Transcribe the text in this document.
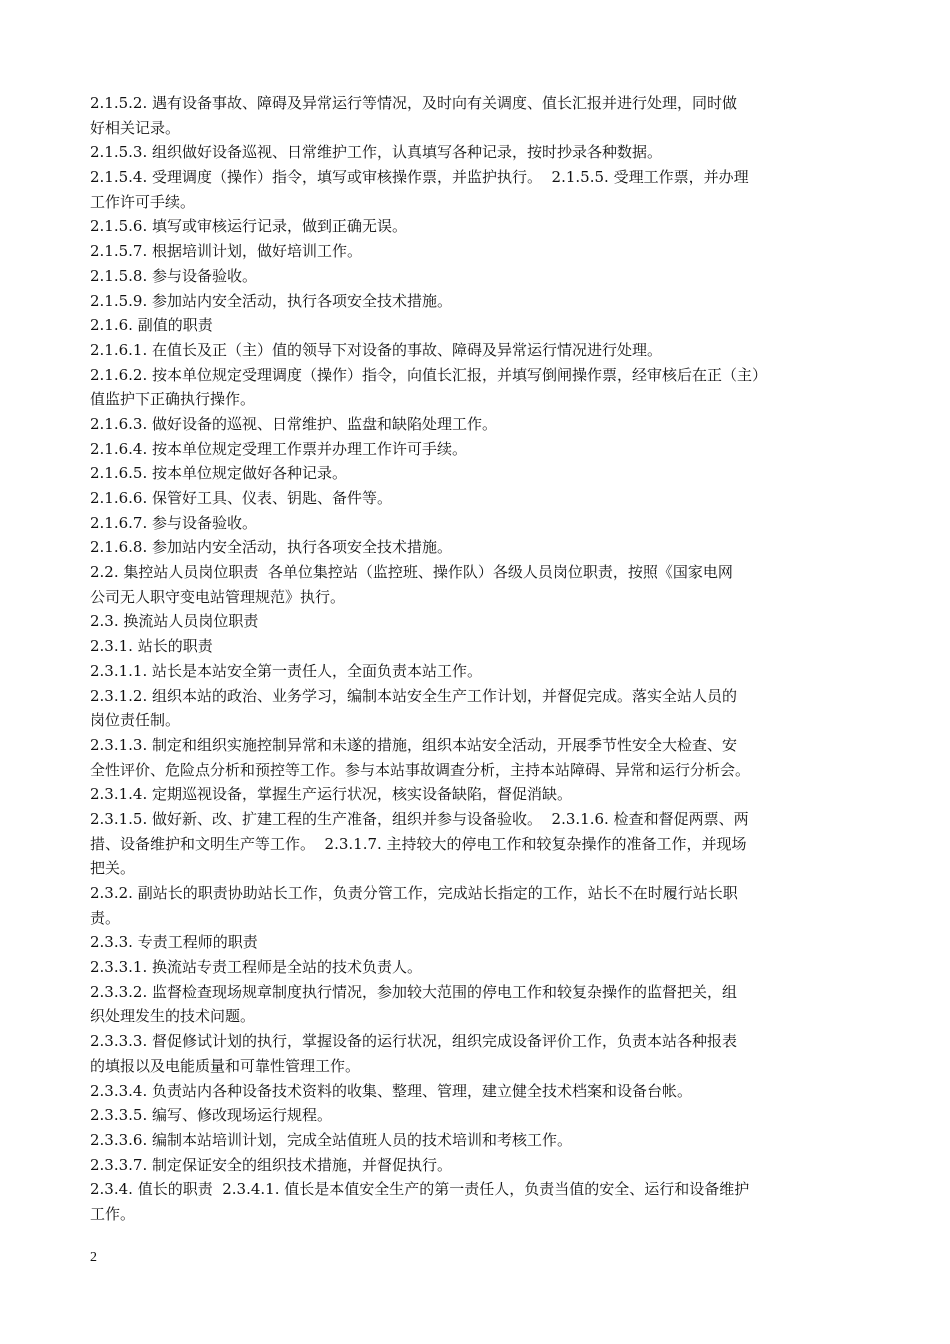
2.1.5.2. 遇有设备事故、障碍及异常运行等情况，及时向有关调度、值长汇报并进行处理，同时做
好相关记录。
2.1.5.3. 组织做好设备巡视、日常维护工作，认真填写各种记录，按时抄录各种数据。
2.1.5.4. 受理调度（操作）指令，填写或审核操作票，并监护执行。  2.1.5.5. 受理工作票，并办理
工作许可手续。
2.1.5.6. 填写或审核运行记录，做到正确无误。
2.1.5.7. 根据培训计划，做好培训工作。
2.1.5.8. 参与设备验收。
2.1.5.9. 参加站内安全活动，执行各项安全技术措施。
2.1.6. 副值的职责
2.1.6.1. 在值长及正（主）值的领导下对设备的事故、障碍及异常运行情况进行处理。
2.1.6.2. 按本单位规定受理调度（操作）指令，向值长汇报，并填写倒闸操作票，经审核后在正（主）
值监护下正确执行操作。
2.1.6.3. 做好设备的巡视、日常维护、监盘和缺陷处理工作。
2.1.6.4. 按本单位规定受理工作票并办理工作许可手续。
2.1.6.5. 按本单位规定做好各种记录。
2.1.6.6. 保管好工具、仪表、钥匙、备件等。
2.1.6.7. 参与设备验收。
2.1.6.8. 参加站内安全活动，执行各项安全技术措施。
2.2. 集控站人员岗位职责  各单位集控站（监控班、操作队）各级人员岗位职责，按照《国家电网
公司无人职守变电站管理规范》执行。
2.3. 换流站人员岗位职责
2.3.1. 站长的职责
2.3.1.1. 站长是本站安全第一责任人，全面负责本站工作。
2.3.1.2. 组织本站的政治、业务学习，编制本站安全生产工作计划，并督促完成。落实全站人员的
岗位责任制。
2.3.1.3. 制定和组织实施控制异常和未遂的措施，组织本站安全活动，开展季节性安全大检查、安
全性评价、危险点分析和预控等工作。参与本站事故调查分析，主持本站障碍、异常和运行分析会。
2.3.1.4. 定期巡视设备，掌握生产运行状况，核实设备缺陷，督促消缺。
2.3.1.5. 做好新、改、扩建工程的生产准备，组织并参与设备验收。  2.3.1.6. 检查和督促两票、两
措、设备维护和文明生产等工作。  2.3.1.7. 主持较大的停电工作和较复杂操作的准备工作，并现场
把关。
2.3.2. 副站长的职责协助站长工作，负责分管工作，完成站长指定的工作，站长不在时履行站长职
责。
2.3.3. 专责工程师的职责
2.3.3.1. 换流站专责工程师是全站的技术负责人。
2.3.3.2. 监督检查现场规章制度执行情况，参加较大范围的停电工作和较复杂操作的监督把关，组
织处理发生的技术问题。
2.3.3.3. 督促修试计划的执行，掌握设备的运行状况，组织完成设备评价工作，负责本站各种报表
的填报以及电能质量和可靠性管理工作。
2.3.3.4. 负责站内各种设备技术资料的收集、整理、管理，建立健全技术档案和设备台帐。
2.3.3.5. 编写、修改现场运行规程。
2.3.3.6. 编制本站培训计划，完成全站值班人员的技术培训和考核工作。
2.3.3.7. 制定保证安全的组织技术措施，并督促执行。
2.3.4. 值长的职责  2.3.4.1. 值长是本值安全生产的第一责任人，负责当值的安全、运行和设备维护
工作。
2
